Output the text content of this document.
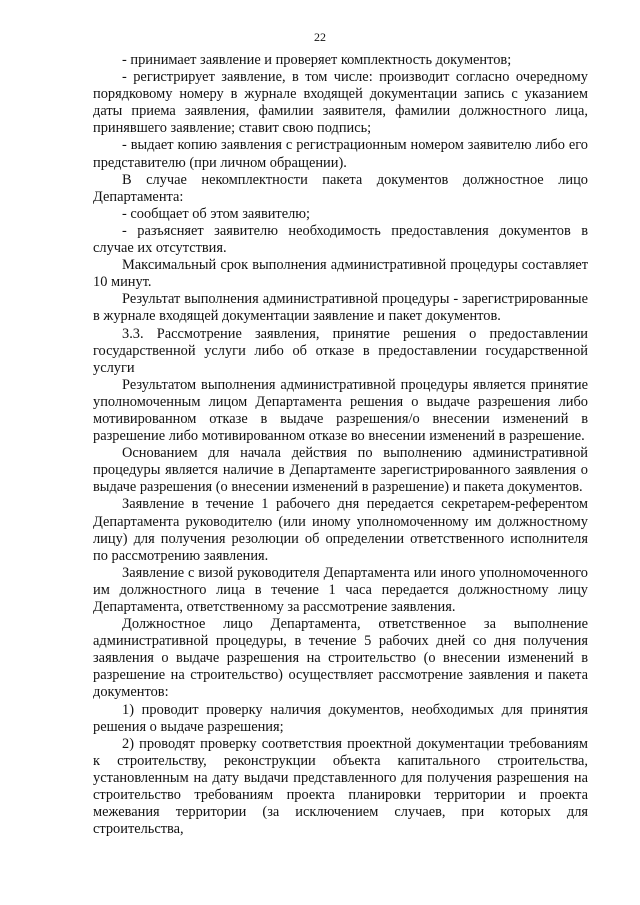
22

- принимает заявление и проверяет комплектность документов;

- регистрирует заявление, в том числе: производит согласно очередному порядковому номеру в журнале входящей документации запись с указанием даты приема заявления, фамилии заявителя, фамилии должностного лица, принявшего заявление; ставит свою подпись;

- выдает копию заявления с регистрационным номером заявителю либо его представителю (при личном обращении).

В случае некомплектности пакета документов должностное лицо Департамента:

- сообщает об этом заявителю;

- разъясняет заявителю необходимость предоставления документов в случае их отсутствия.

Максимальный срок выполнения административной процедуры составляет 10 минут.

Результат выполнения административной процедуры - зарегистрированные в журнале входящей документации заявление и пакет документов.

3.3. Рассмотрение заявления, принятие решения о предоставлении государственной услуги либо об отказе в предоставлении государственной услуги

Результатом выполнения административной процедуры является принятие уполномоченным лицом Департамента решения о выдаче разрешения либо мотивированном отказе в выдаче разрешения/о внесении изменений в разрешение либо мотивированном отказе во внесении изменений в разрешение.

Основанием для начала действия по выполнению административной процедуры является наличие в Департаменте зарегистрированного заявления о выдаче разрешения (о внесении изменений в разрешение) и пакета документов.

Заявление в течение 1 рабочего дня передается секретарем-референтом Департамента руководителю (или иному уполномоченному им должностному лицу) для получения резолюции об определении ответственного исполнителя по рассмотрению заявления.

Заявление с визой руководителя Департамента или иного уполномоченного им должностного лица в течение 1 часа передается должностному лицу Департамента, ответственному за рассмотрение заявления.

Должностное лицо Департамента, ответственное за выполнение административной процедуры, в течение 5 рабочих дней со дня получения заявления о выдаче разрешения на строительство (о внесении изменений в разрешение на строительство) осуществляет рассмотрение заявления и пакета документов:

1) проводит проверку наличия документов, необходимых для принятия решения о выдаче разрешения;

2) проводят проверку соответствия проектной документации требованиям к строительству, реконструкции объекта капитального строительства, установленным на дату выдачи представленного для получения разрешения на строительство требованиям проекта планировки территории и проекта межевания территории (за исключением случаев, при которых для строительства,
